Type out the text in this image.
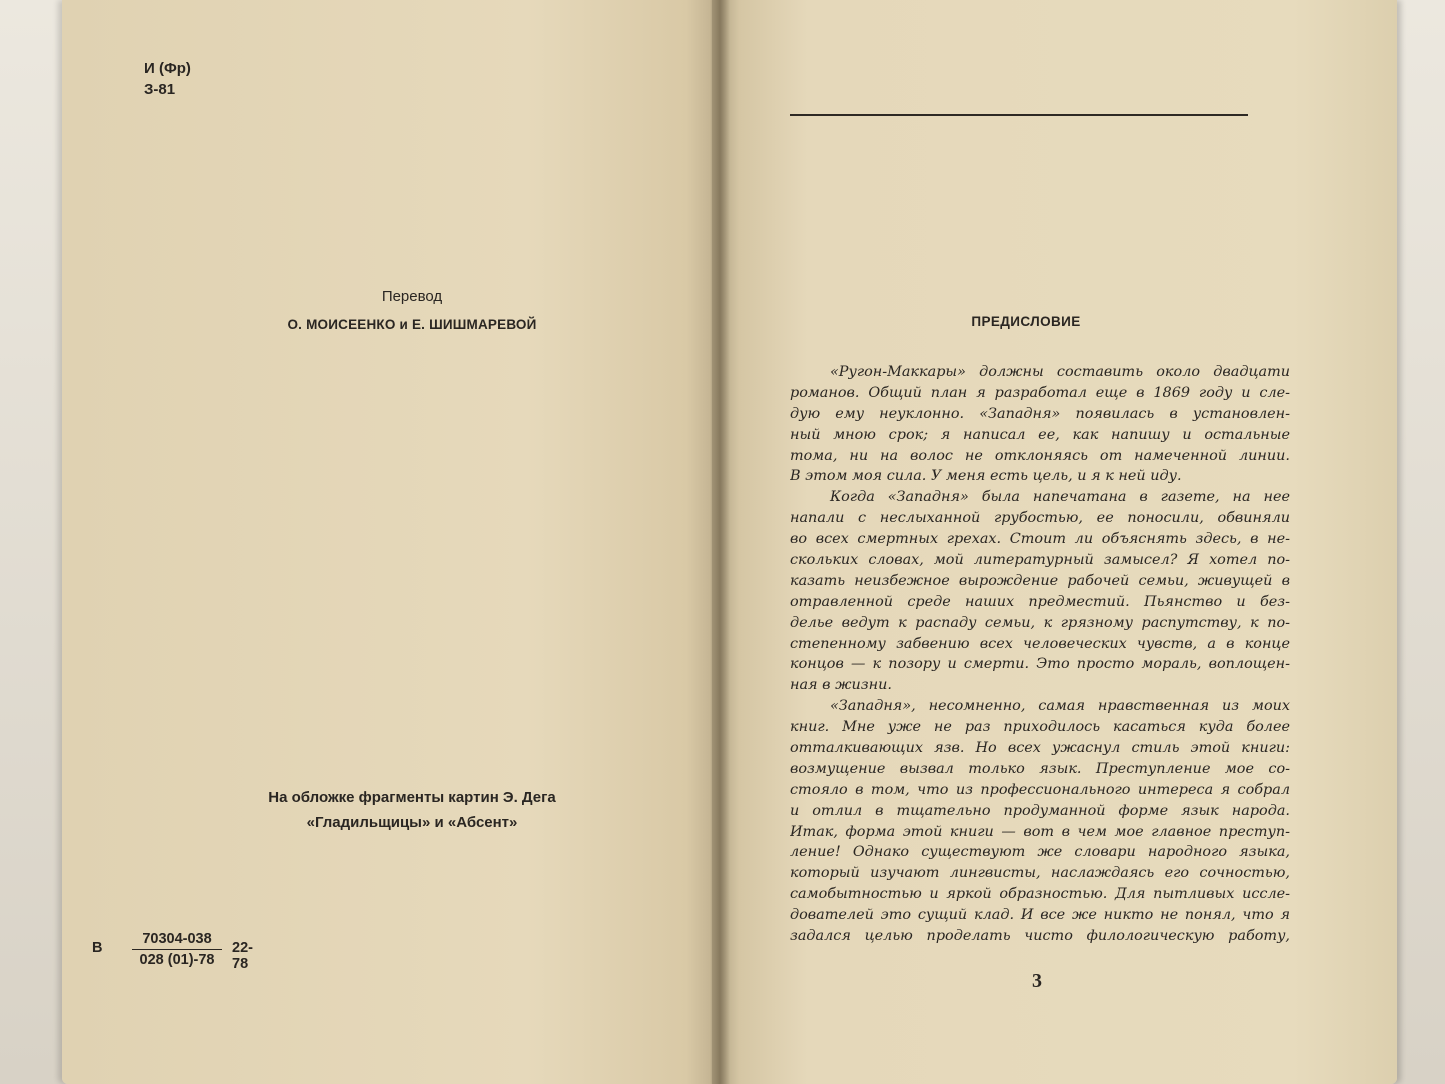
И (Фр)
З-81
Перевод
О. МОИСЕЕНКО и Е. ШИШМАРЕВОЙ
На обложке фрагменты картин Э. Дега
«Гладильщицы» и «Абсент»
В
70304-038
028 (01)-78
22-78
ПРЕДИСЛОВИЕ
«Ругон-Маккары» должны составить около двадцати
романов. Общий план я разработал еще в 1869 году и сле-
дую ему неуклонно. «Западня» появилась в установлен-
ный мною срок; я написал ее, как напишу и остальные
тома, ни на волос не отклоняясь от намеченной линии.
В этом моя сила. У меня есть цель, и я к ней иду.
Когда «Западня» была напечатана в газете, на нее
напали с неслыханной грубостью, ее поносили, обвиняли
во всех смертных грехах. Стоит ли объяснять здесь, в не-
скольких словах, мой литературный замысел? Я хотел по-
казать неизбежное вырождение рабочей семьи, живущей в
отравленной среде наших предместий. Пьянство и без-
делье ведут к распаду семьи, к грязному распутству, к по-
степенному забвению всех человеческих чувств, а в конце
концов — к позору и смерти. Это просто мораль, воплощен-
ная в жизни.
«Западня», несомненно, самая нравственная из моих
книг. Мне уже не раз приходилось касаться куда более
отталкивающих язв. Но всех ужаснул стиль этой книги:
возмущение вызвал только язык. Преступление мое со-
стояло в том, что из профессионального интереса я собрал
и отлил в тщательно продуманной форме язык народа.
Итак, форма этой книги — вот в чем мое главное преступ-
ление! Однако существуют же словари народного языка,
который изучают лингвисты, наслаждаясь его сочностью,
самобытностью и яркой образностью. Для пытливых иссле-
дователей это сущий клад. И все же никто не понял, что я
задался целью проделать чисто филологическую работу,
3
